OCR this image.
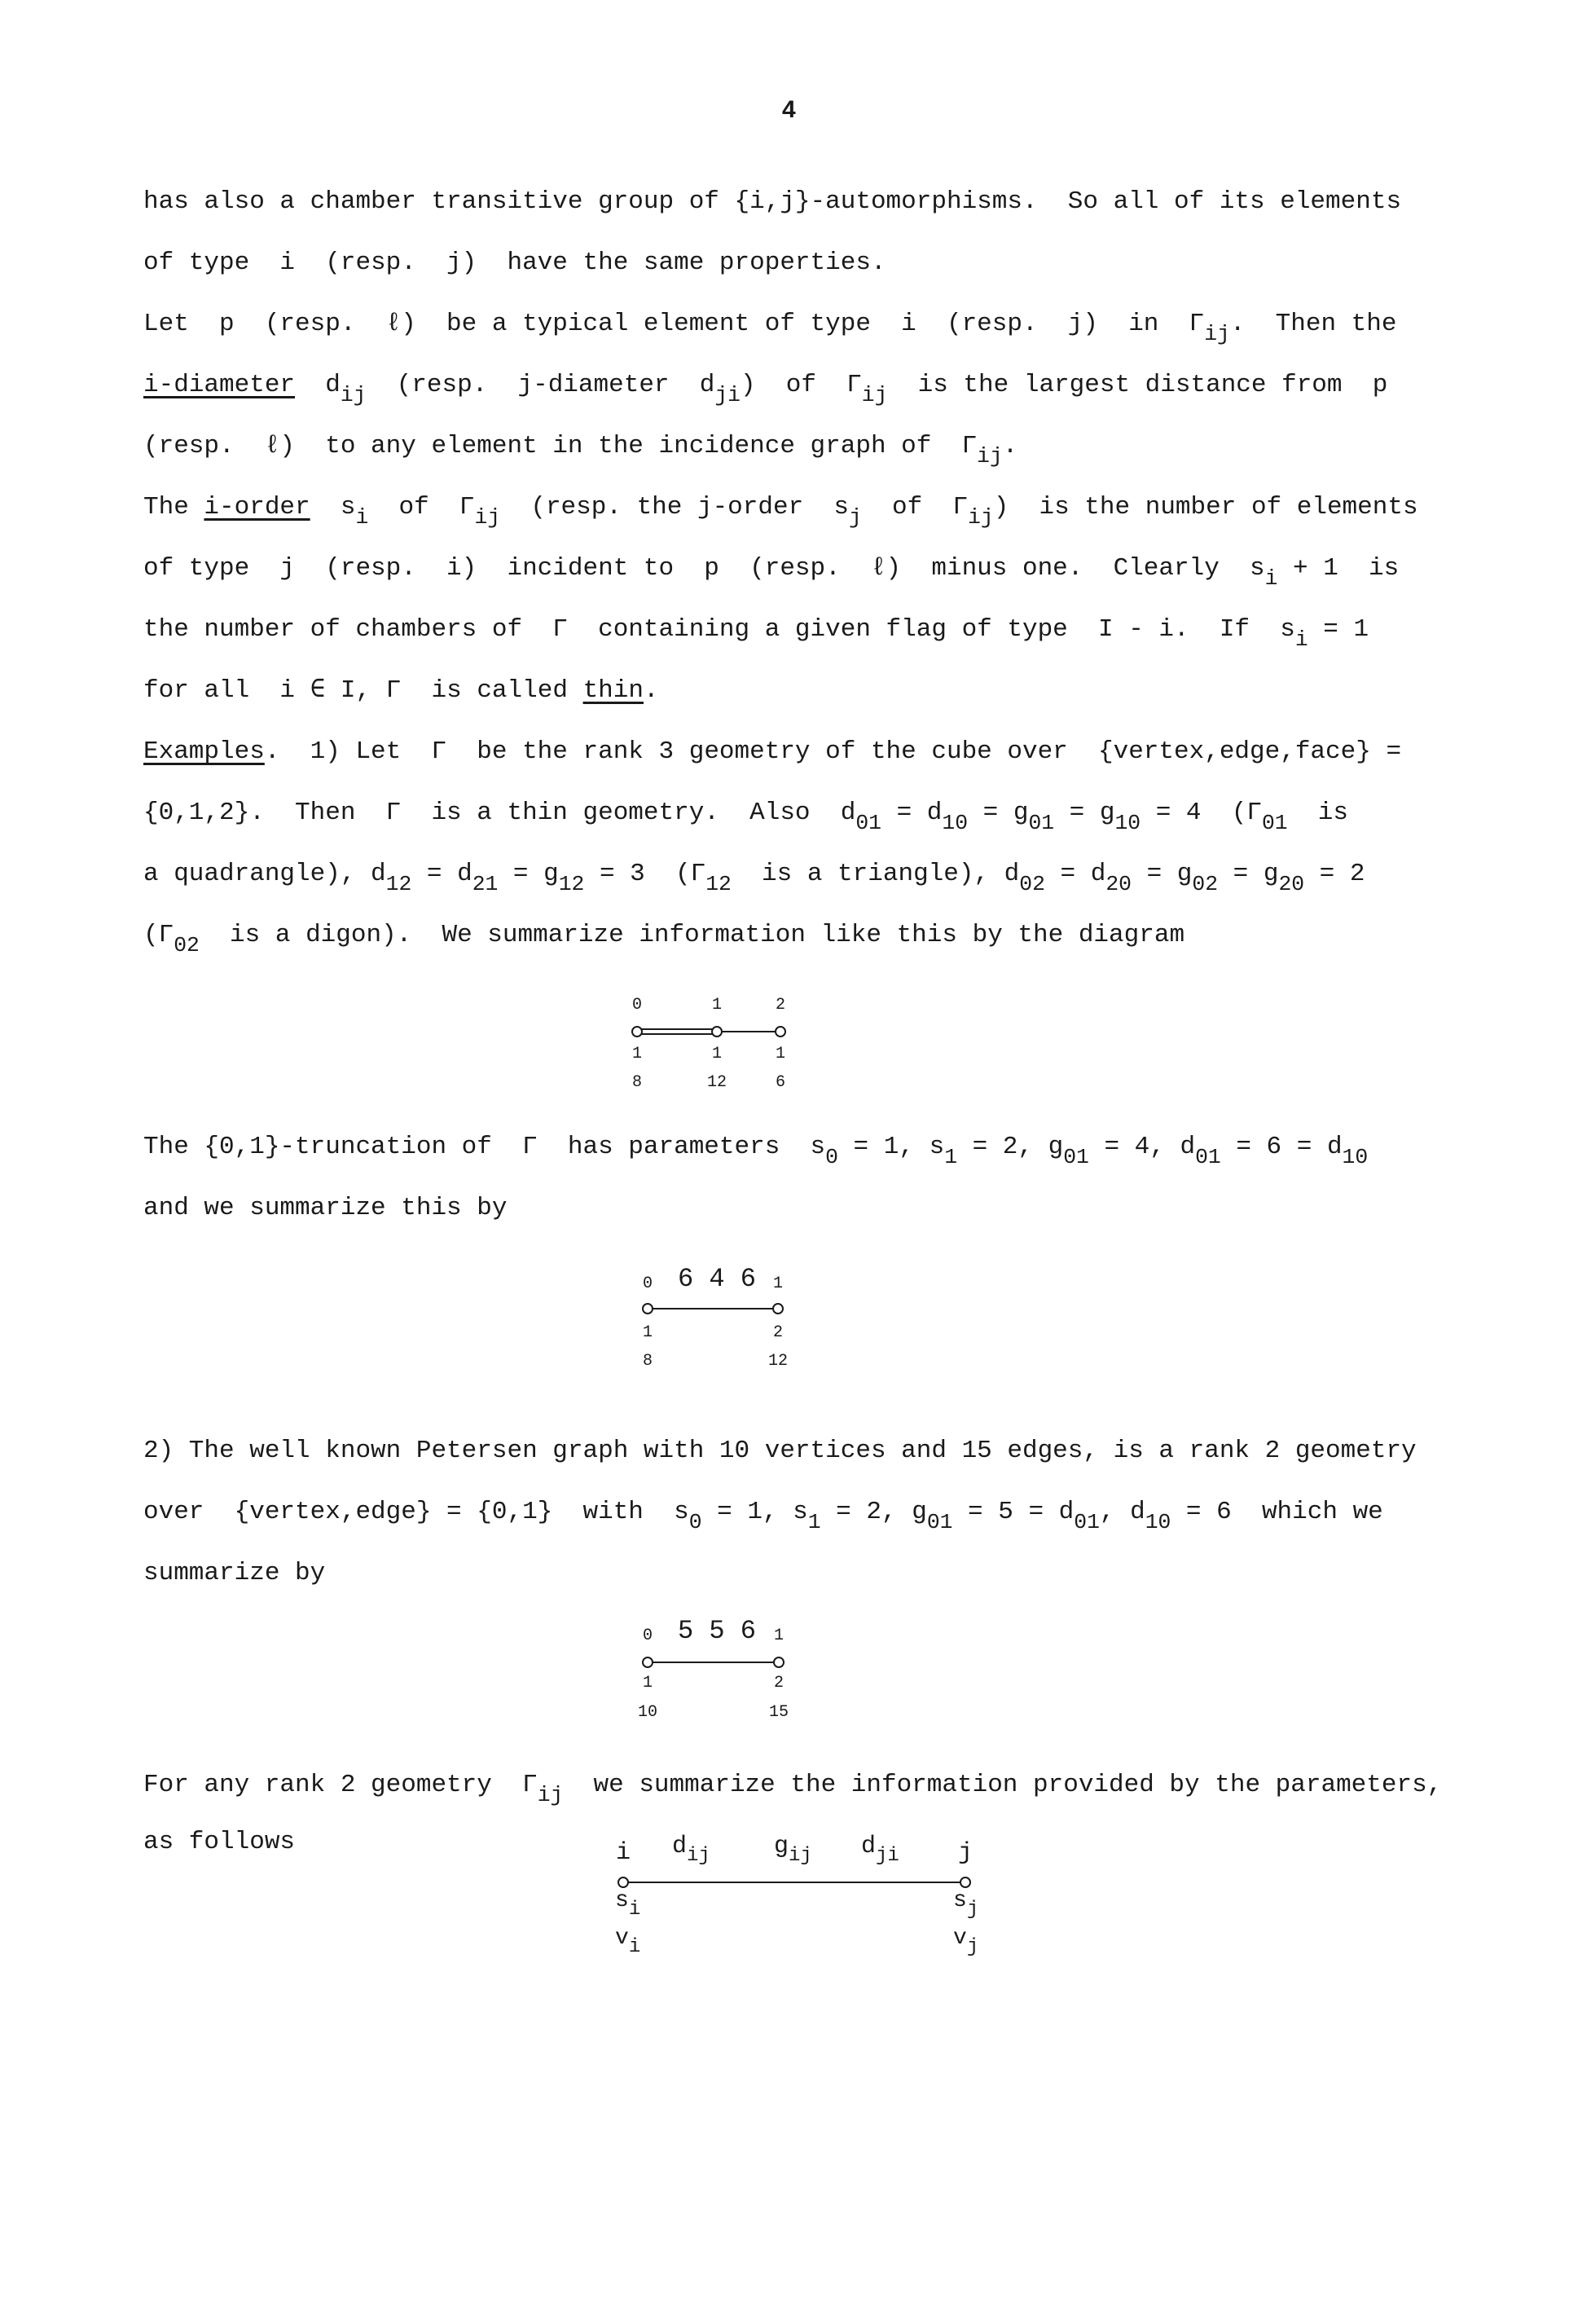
4
has also a chamber transitive group of {i,j}-automorphisms.  So all of its elements
of type  i  (resp.  j)  have the same properties.
Let  p  (resp.  ℓ)  be a typical element of type  i  (resp.  j)  in  $\Gamma_{ij}$.  Then the
i-diameter  $d_{ij}$  (resp.  j-diameter  $d_{ji}$)  of  $\Gamma_{ij}$  is the largest distance from  p
(resp.  ℓ)  to any element in the incidence graph of  $\Gamma_{ij}$.
The i-order  $s_i$  of  $\Gamma_{ij}$  (resp. the j-order  $s_j$  of  $\Gamma_{ij}$)  is the number of elements
of type  j  (resp.  i)  incident to  p  (resp.  ℓ)  minus one.  Clearly  $s_i + 1$  is
the number of chambers of  Γ  containing a given flag of type  I - i.  If  $s_i = 1$
for all  i ∈ I, Γ  is called thin.
Examples.  1) Let  Γ  be the rank 3 geometry of the cube over  {vertex,edge,face} =
{0,1,2}.  Then  Γ  is a thin geometry.  Also  $d_{01} = d_{10} = g_{01} = g_{10} = 4$  ($\Gamma_{01}$  is
a quadrangle), $d_{12} = d_{21} = g_{12} = 3$  ($\Gamma_{12}$  is a triangle), $d_{02} = d_{20} = g_{02} = g_{20} = 2$
($\Gamma_{02}$  is a digon).  We summarize information like this by the diagram
0	1	2
1	1	1
8	12	6
The {0,1}-truncation of  Γ  has parameters  $s_0 = 1$, $s_1 = 2$, $g_{01} = 4$, $d_{01} = 6 = d_{10}$
and we summarize this by
0 6 4 6 1
1	2
8	12
2) The well known Petersen graph with 10 vertices and 15 edges, is a rank 2 geometry
over  {vertex,edge} = {0,1}  with  $s_0 = 1$, $s_1 = 2$, $g_{01} = 5 = d_{01}$, $d_{10} = 6$  which we
summarize by
0 5 5 6 1
1	2
10	15
For any rank 2 geometry  $\Gamma_{ij}$  we summarize the information provided by the parameters,
as follows	i $d_{ij}$	$g_{ij}$ $d_{ji}$ j
si	sj
vi	vj
